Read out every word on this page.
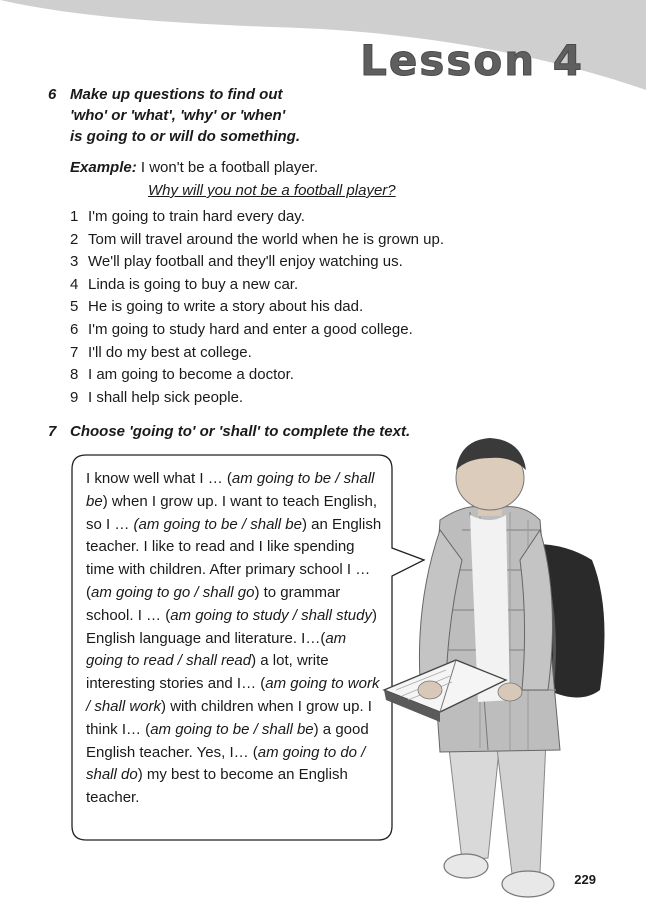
Lesson 4
6 Make up questions to find out
'who' or 'what', 'why' or 'when'
is going to or will do something.
Example: I won't be a football player.
Why will you not be a football player?
1 I'm going to train hard every day.
2 Tom will travel around the world when he is grown up.
3 We'll play football and they'll enjoy watching us.
4 Linda is going to buy a new car.
5 He is going to write a story about his dad.
6 I'm going to study hard and enter a good college.
7 I'll do my best at college.
8 I am going to become a doctor.
9 I shall help sick people.
7 Choose 'going to' or 'shall' to complete the text.

I know well what I … (am going to be / shall be) when I grow up. I want to teach English, so I … (am going to be / shall be) an English teacher. I like to read and I like spending time with children. After primary school I …(am going to go / shall go) to grammar school. I … (am going to study / shall study) English language and literature. I…(am going to read / shall read) a lot, write interesting stories and I… (am going to work / shall work) with children when I grow up. I think I… (am going to be / shall be) a good English teacher. Yes, I… (am going to do / shall do) my best to become an English teacher.

229
